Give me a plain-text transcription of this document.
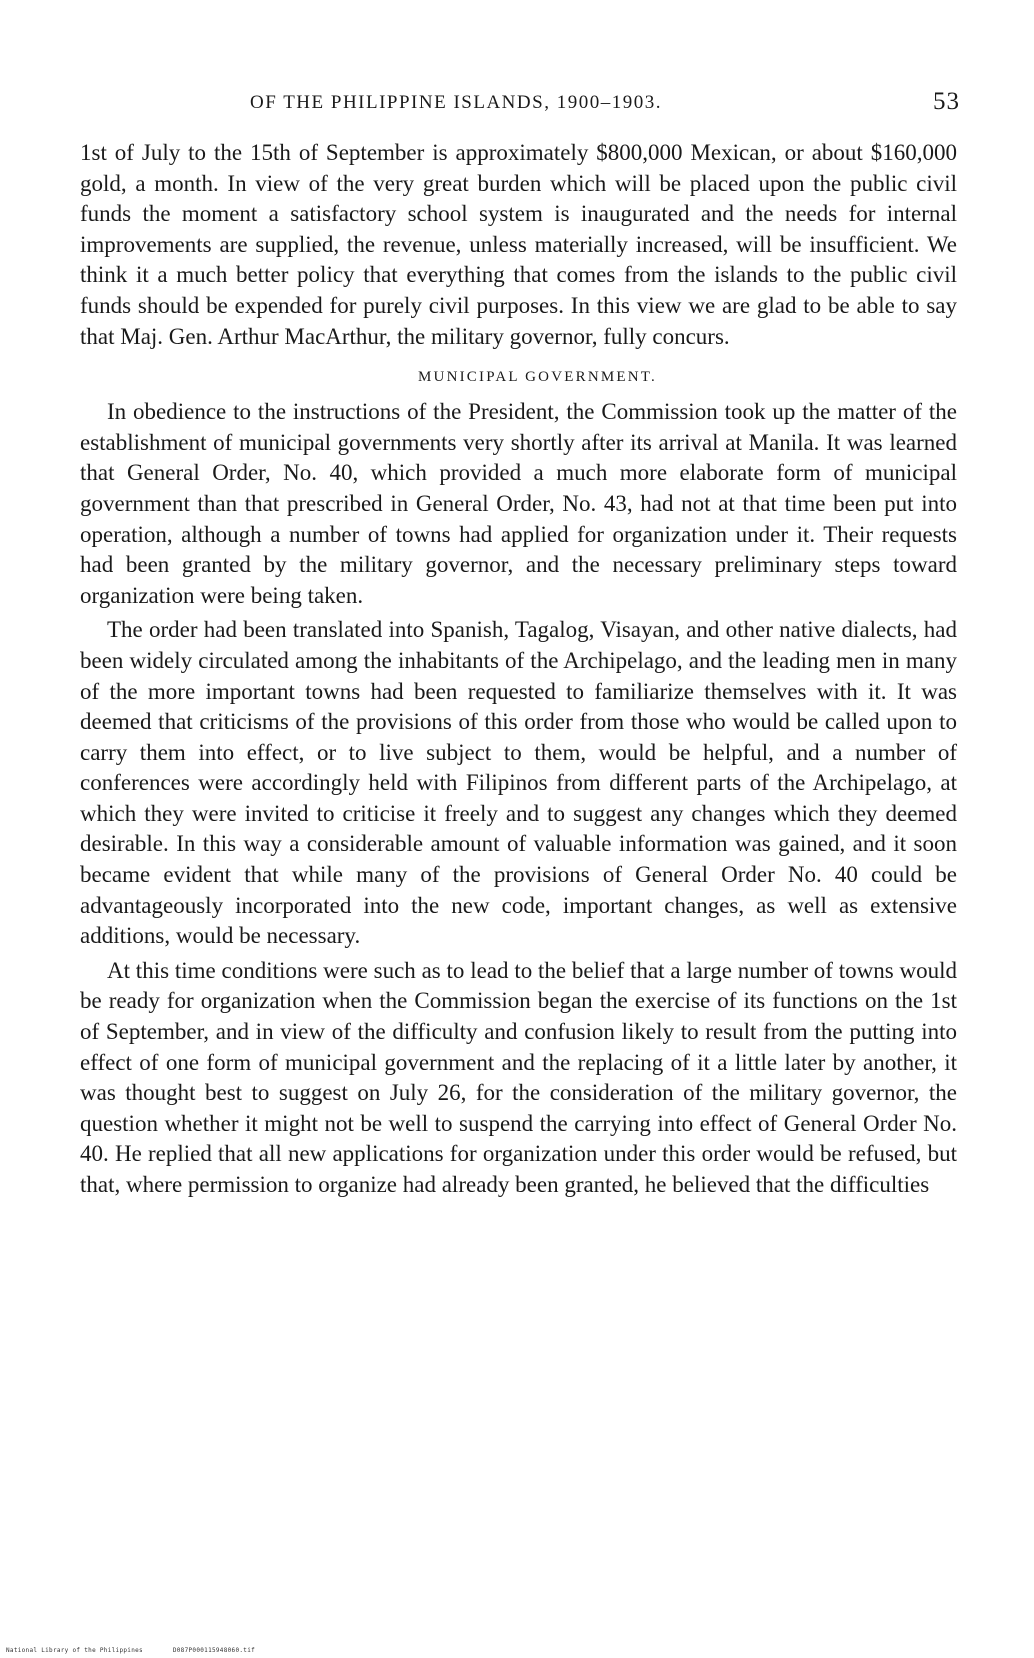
OF THE PHILIPPINE ISLANDS, 1900–1903.	53

1st of July to the 15th of September is approximately $800,000 Mexican, or about $160,000 gold, a month. In view of the very great burden which will be placed upon the public civil funds the moment a satisfactory school system is inaugurated and the needs for internal improvements are supplied, the revenue, unless materially increased, will be insufficient. We think it a much better policy that everything that comes from the islands to the public civil funds should be expended for purely civil purposes. In this view we are glad to be able to say that Maj. Gen. Arthur MacArthur, the military governor, fully concurs.

MUNICIPAL GOVERNMENT.

In obedience to the instructions of the President, the Commission took up the matter of the establishment of municipal governments very shortly after its arrival at Manila. It was learned that General Order, No. 40, which provided a much more elaborate form of municipal government than that prescribed in General Order, No. 43, had not at that time been put into operation, although a number of towns had applied for organization under it. Their requests had been granted by the military governor, and the necessary preliminary steps toward organization were being taken.

The order had been translated into Spanish, Tagalog, Visayan, and other native dialects, had been widely circulated among the inhabitants of the Archipelago, and the leading men in many of the more important towns had been requested to familiarize themselves with it. It was deemed that criticisms of the provisions of this order from those who would be called upon to carry them into effect, or to live subject to them, would be helpful, and a number of conferences were accordingly held with Filipinos from different parts of the Archipelago, at which they were invited to criticise it freely and to suggest any changes which they deemed desirable. In this way a considerable amount of valuable information was gained, and it soon became evident that while many of the provisions of General Order No. 40 could be advantageously incorporated into the new code, important changes, as well as extensive additions, would be necessary.

At this time conditions were such as to lead to the belief that a large number of towns would be ready for organization when the Commission began the exercise of its functions on the 1st of September, and in view of the difficulty and confusion likely to result from the putting into effect of one form of municipal government and the replacing of it a little later by another, it was thought best to suggest on July 26, for the consideration of the military governor, the question whether it might not be well to suspend the carrying into effect of General Order No. 40. He replied that all new applications for organization under this order would be refused, but that, where permission to organize had already been granted, he believed that the difficulties

National Library of the Philippines	D087P000115948060.tif
